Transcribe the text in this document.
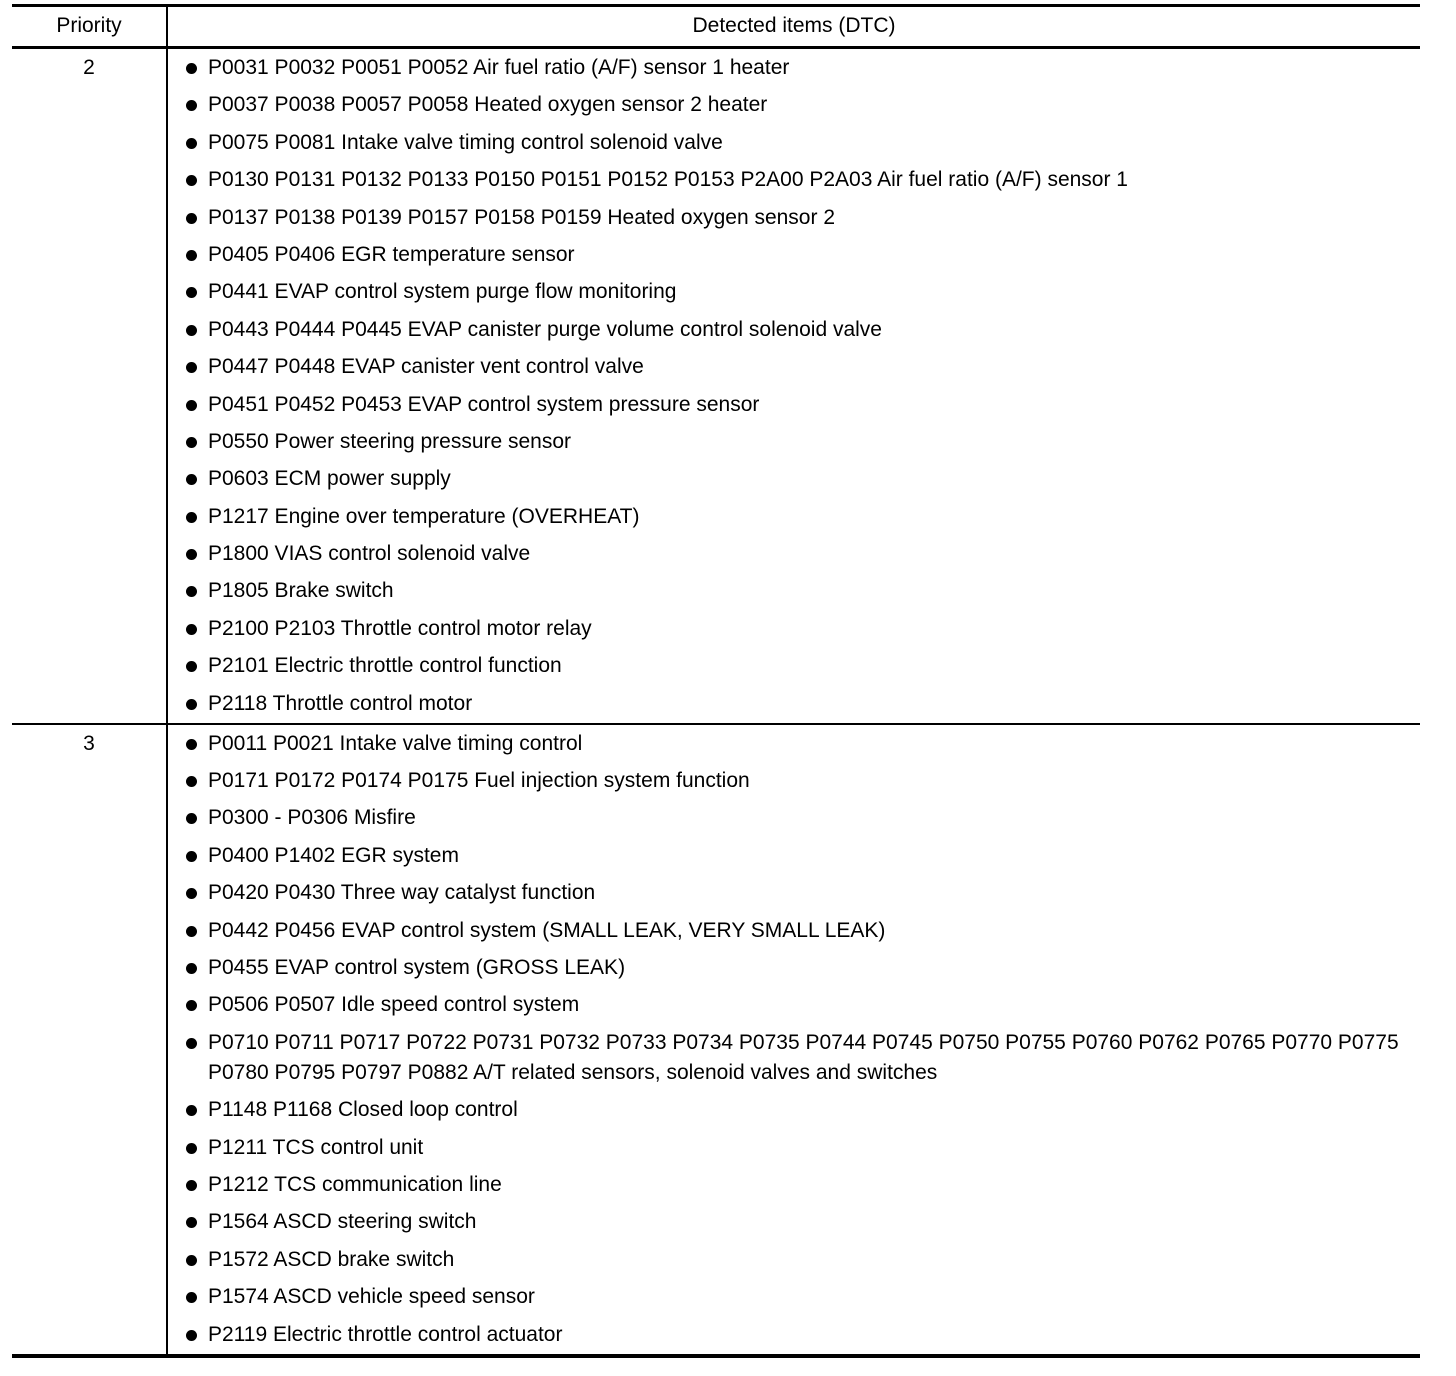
Priority	Detected items (DTC)
2	P0031 P0032 P0051 P0052 Air fuel ratio (A/F) sensor 1 heater
P0037 P0038 P0057 P0058 Heated oxygen sensor 2 heater
P0075 P0081 Intake valve timing control solenoid valve
P0130 P0131 P0132 P0133 P0150 P0151 P0152 P0153 P2A00 P2A03 Air fuel ratio (A/F) sensor 1
P0137 P0138 P0139 P0157 P0158 P0159 Heated oxygen sensor 2
P0405 P0406 EGR temperature sensor
P0441 EVAP control system purge flow monitoring
P0443 P0444 P0445 EVAP canister purge volume control solenoid valve
P0447 P0448 EVAP canister vent control valve
P0451 P0452 P0453 EVAP control system pressure sensor
P0550 Power steering pressure sensor
P0603 ECM power supply
P1217 Engine over temperature (OVERHEAT)
P1800 VIAS control solenoid valve
P1805 Brake switch
P2100 P2103 Throttle control motor relay
P2101 Electric throttle control function
P2118 Throttle control motor
3	P0011 P0021 Intake valve timing control
P0171 P0172 P0174 P0175 Fuel injection system function
P0300 - P0306 Misfire
P0400 P1402 EGR system
P0420 P0430 Three way catalyst function
P0442 P0456 EVAP control system (SMALL LEAK, VERY SMALL LEAK)
P0455 EVAP control system (GROSS LEAK)
P0506 P0507 Idle speed control system
P0710 P0711 P0717 P0722 P0731 P0732 P0733 P0734 P0735 P0744 P0745 P0750 P0755 P0760 P0762 P0765 P0770 P0775 P0780 P0795 P0797 P0882 A/T related sensors, solenoid valves and switches
P1148 P1168 Closed loop control
P1211 TCS control unit
P1212 TCS communication line
P1564 ASCD steering switch
P1572 ASCD brake switch
P1574 ASCD vehicle speed sensor
P2119 Electric throttle control actuator
